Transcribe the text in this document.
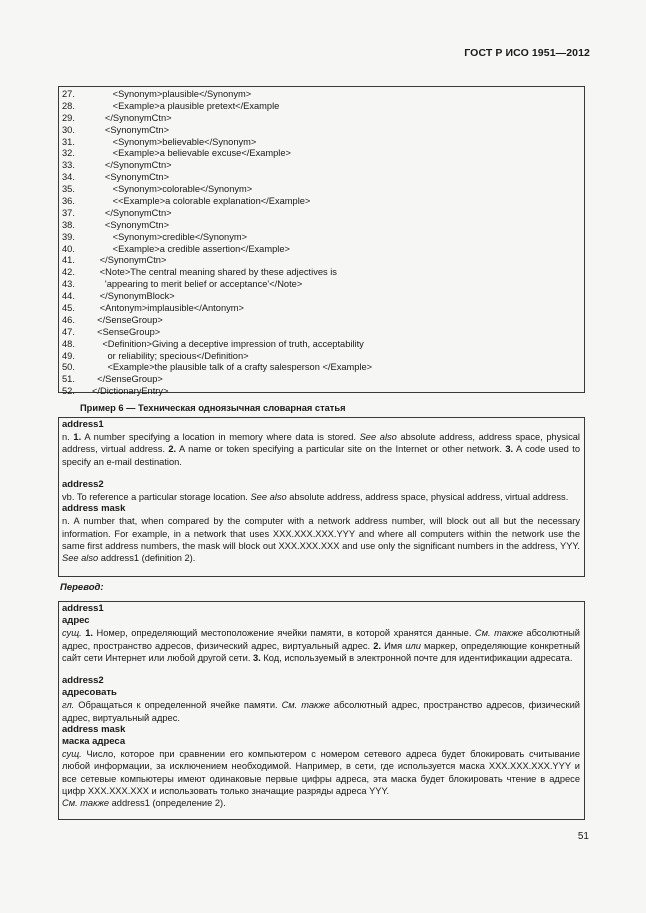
ГОСТ Р ИСО 1951—2012
27.        <Synonym>plausible</Synonym>
28.        <Example>a plausible pretext</Example
29.     </SynonymCtn>
30.     <SynonymCtn>
31.        <Synonym>believable</Synonym>
32.        <Example>a believable excuse</Example>
33.     </SynonymCtn>
34.     <SynonymCtn>
35.        <Synonym>colorable</Synonym>
36.        <<Example>a colorable explanation</Example>
37.     </SynonymCtn>
38.     <SynonymCtn>
39.        <Synonym>credible</Synonym>
40.        <Example>a credible assertion</Example>
41.   </SynonymCtn>
42.   <Note>The central meaning shared by these adjectives is
43.     'appearing to merit belief or acceptance'</Note>
44.   </SynonymBlock>
45.   <Antonym>implausible</Antonym>
46.  </SenseGroup>
47.  <SenseGroup>
48.    <Definition>Giving a deceptive impression of truth, acceptability
49.      or reliability; specious</Definition>
50.      <Example>the plausible talk of a crafty salesperson </Example>
51.  </SenseGroup>
52. </DictionaryEntry>
Пример 6 — Техническая одноязычная словарная статья
address1
n. 1. A number specifying a location in memory where data is stored. See also absolute address, address space, physical address, virtual address. 2. A name or token specifying a particular site on the Internet or other network. 3. A code used to specify an e-mail destination.
address2
vb. To reference a particular storage location. See also absolute address, address space, physical address, virtual address.
address mask
n. A number that, when compared by the computer with a network address number, will block out all but the necessary information. For example, in a network that uses XXX.XXX.XXX.YYY and where all computers within the network use the same first address numbers, the mask will block out XXX.XXX.XXX and use only the significant numbers in the address, YYY. See also address1 (definition 2).
Перевод:
address1
адрес
сущ. 1. Номер, определяющий местоположение ячейки памяти, в которой хранятся данные. См. также абсолютный адрес, пространство адресов, физический адрес, виртуальный адрес. 2. Имя или маркер, определяющие конкретный сайт сети Интернет или любой другой сети. 3. Код, используемый в электронной почте для идентификации адресата.
address2
адресовать
гл. Обращаться к определенной ячейке памяти. См. также абсолютный адрес, пространство адресов, физический адрес, виртуальный адрес.
address mask
маска адреса
сущ. Число, которое при сравнении его компьютером с номером сетевого адреса будет блокировать считывание любой информации, за исключением необходимой. Например, в сети, где используется маска XXX.XXX.XXX.YYY и все сетевые компьютеры имеют одинаковые первые цифры адреса, эта маска будет блокировать чтение в адресе цифр XXX.XXX.XXX и использовать только значащие разряды адреса YYY.
См. также address1 (определение 2).
51
